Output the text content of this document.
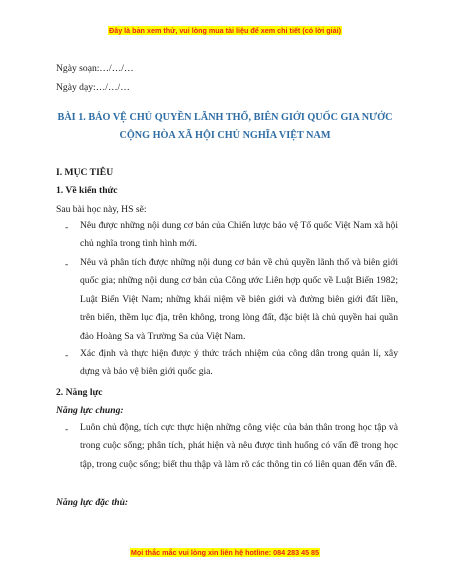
Đây là bản xem thử, vui lòng mua tài liệu để xem chi tiết (có lời giải)
Ngày soạn:…/…/…
Ngày dạy:…/…/…
BÀI 1. BẢO VỆ CHỦ QUYỀN LÃNH THỔ, BIÊN GIỚI QUỐC GIA NƯỚC
CỘNG HÒA XÃ HỘI CHỦ NGHĨA VIỆT NAM
I. MỤC TIÊU
1. Về kiến thức
Sau bài học này, HS sẽ:
- Nêu được những nội dung cơ bản của Chiến lược bảo vệ Tổ quốc Việt Nam xã hội chủ nghĩa trong tình hình mới.
- Nêu và phân tích được những nội dung cơ bản về chủ quyền lãnh thổ và biên giới quốc gia; những nội dung cơ bản của Công ước Liên hợp quốc về Luật Biển 1982; Luật Biển Việt Nam; những khái niệm về biên giới và đường biên giới đất liền, trên biển, thềm lục địa, trên không, trong lòng đất, đặc biệt là chủ quyền hai quần đảo Hoàng Sa và Trường Sa của Việt Nam.
- Xác định và thực hiện được ý thức trách nhiệm của công dân trong quản lí, xây dựng và bảo vệ biên giới quốc gia.
2. Năng lực
Năng lực chung:
- Luôn chủ động, tích cực thực hiện những công việc của bản thân trong học tập và trong cuộc sống; phân tích, phát hiện và nêu được tình huống có vấn đề trong học tập, trong cuộc sống; biết thu thập và làm rõ các thông tin có liên quan đến vấn đề.
Năng lực đặc thù:
Mọi thắc mắc vui lòng xin liên hệ hotline: 084 283 45 85
